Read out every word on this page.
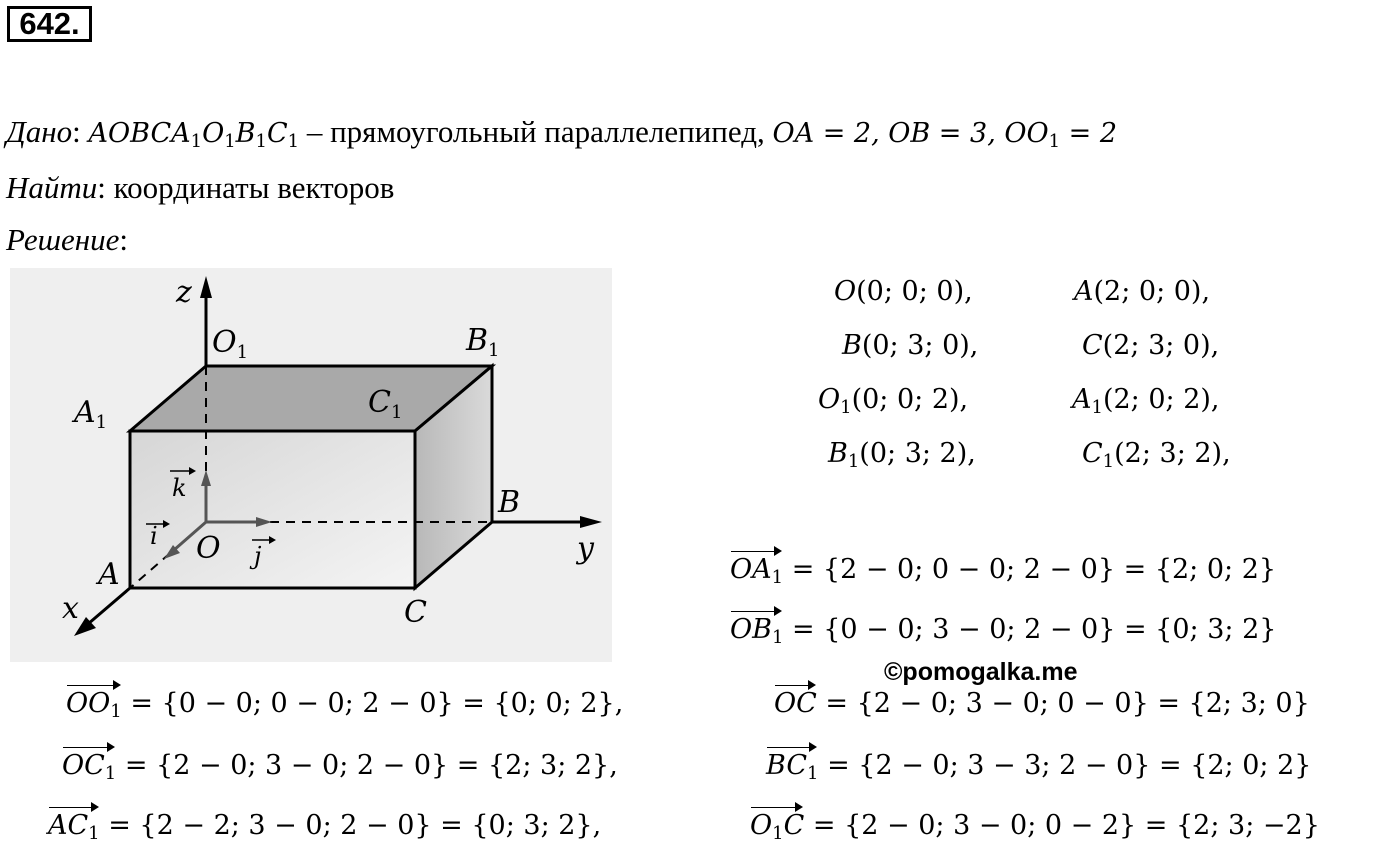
642.
Дано: $AOBCA_1O_1B_1C_1$ – прямоугольный параллелепипед, OA = 2, OB = 3, $OO_1 = 2$
Найти: координаты векторов
Решение:
z
y
x
$O_1$	$B_1$
$A_1$
$C_1$
B
O
A
C
k
i
j
O(0; 0; 0),	A(2; 0; 0),
B(0; 3; 0),	C(2; 3; 0),
$O_1(0$; 0; 2),	$A_1(2$; 0; 2),
$B_1(0$; 3; 2),	$C_1(2$; 3; 2),
$OA_1 = \{2 - 0$; 0 − 0; 2 − 0} = {2; 0; 2}
$OB_1 = \{0 - 0$; 3 − 0; 2 − 0} = {0; 3; 2}
©pomogalka.me
$OO_1 = \{0 - 0$; 0 − 0; 2 − 0} = {0; 0; 2},	OC = {2 − 0; 3 − 0; 0 − 0} = {2; 3; 0}
$OC_1 = \{2 - 0$; 3 − 0; 2 − 0} = {2; 3; 2},	$BC_1 = \{2 - 0$; 3 − 3; 2 − 0} = {2; 0; 2}
$AC_1 = \{2 - 2$; 3 − 0; 2 − 0} = {0; 3; 2},	$O_1C = \{2 - 0$; 3 − 0; 0 − 2} = {2; 3; −2}
